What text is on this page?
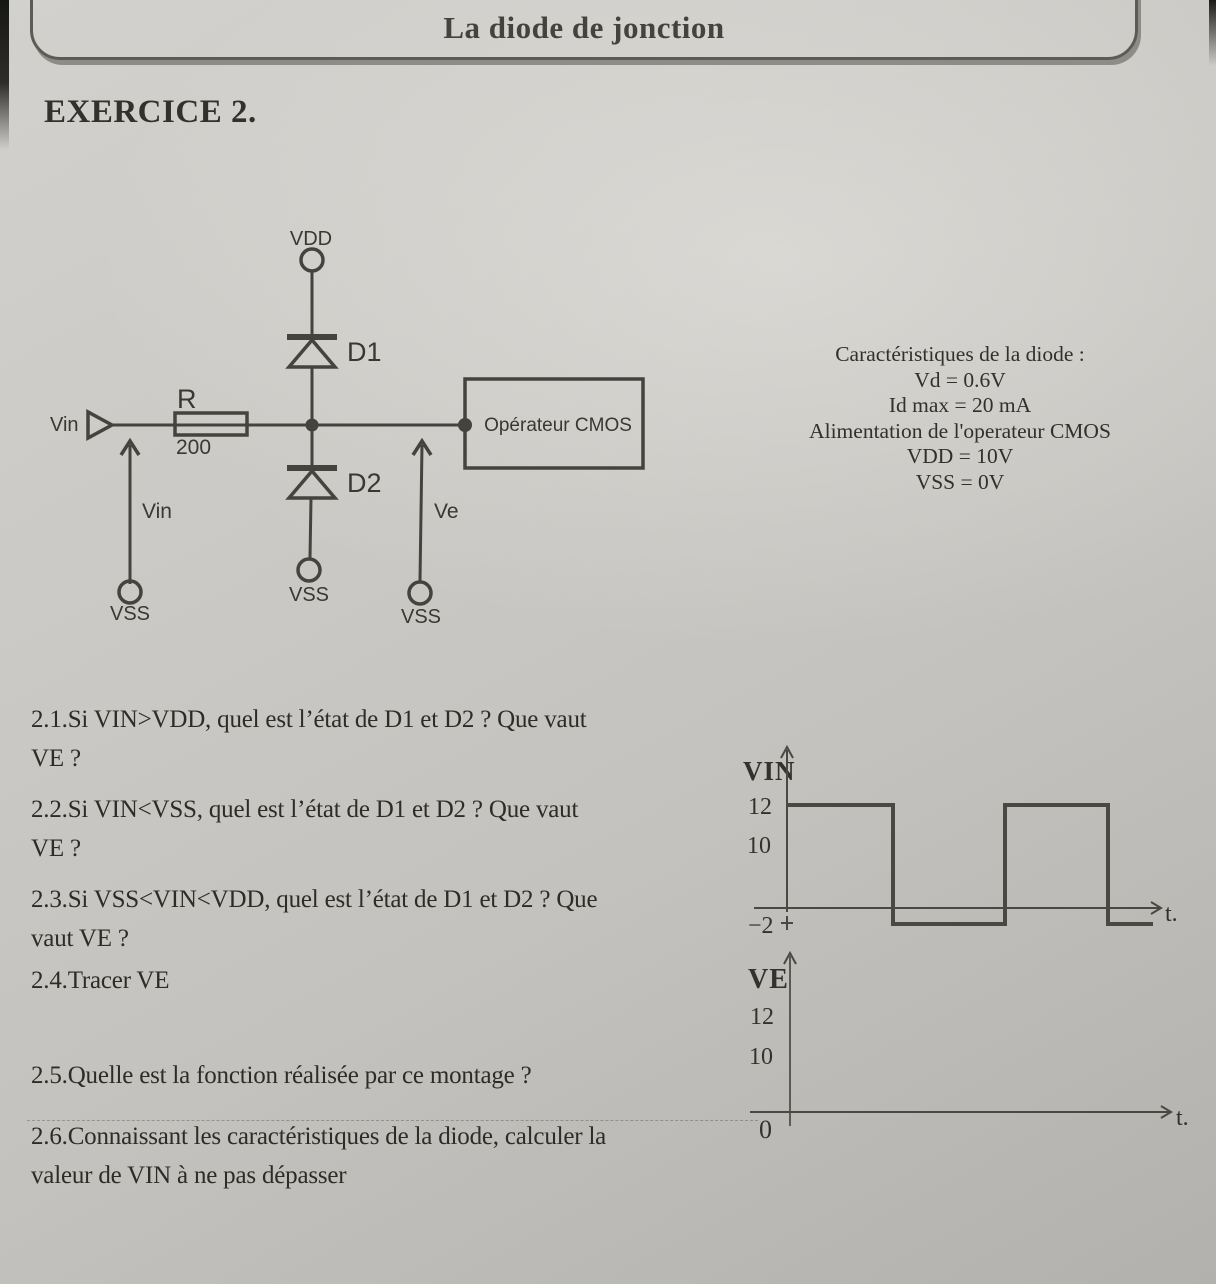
La diode de jonction
EXERCICE 2.
VDD
D1
Vin
R
200
D2
VSS
Opérateur CMOS
Vin
VSS
Ve
VSS
Caractéristiques de la diode :
Vd = 0.6V
Id max = 20 mA
Alimentation de l'operateur CMOS
VDD = 10V
VSS = 0V
2.1.Si VIN>VDD, quel est l’état de D1 et D2 ? Que vaut
VE ?
2.2.Si VIN<VSS, quel est l’état de D1 et D2 ? Que vaut
VE ?
2.3.Si VSS<VIN<VDD, quel est l’état de D1 et D2 ? Que
vaut VE ?
2.4.Tracer VE
2.5.Quelle est la fonction réalisée par ce montage ?
2.6.Connaissant les caractéristiques de la diode, calculer la
valeur de VIN à ne pas dépasser
VIN
12
10
−2	t.
VE
12
10
t.
0
